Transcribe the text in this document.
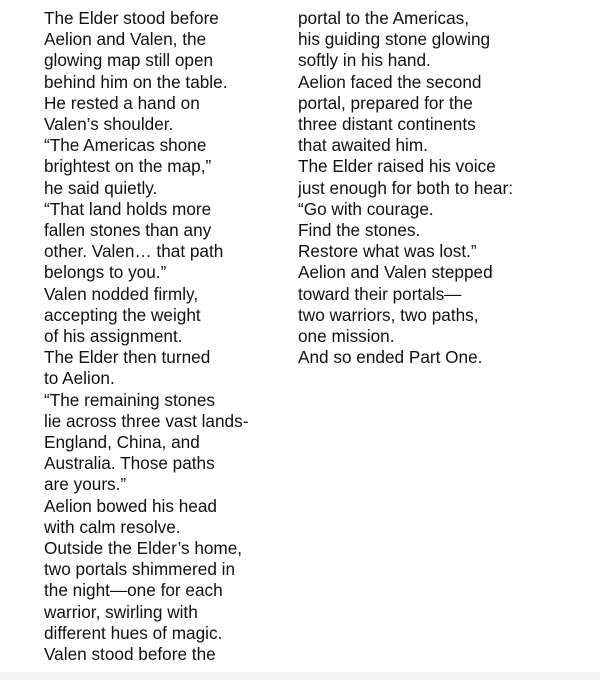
The Elder stood before
Aelion and Valen, the
glowing map still open
behind him on the table.
He rested a hand on
Valen’s shoulder.
“The Americas shone
brightest on the map,”
he said quietly.
“That land holds more
fallen stones than any
other. Valen… that path
belongs to you.”
Valen nodded firmly,
accepting the weight
of his assignment.
The Elder then turned
to Aelion.
“The remaining stones
lie across three vast lands-
England, China, and
Australia. Those paths
are yours.”
Aelion bowed his head
with calm resolve.
Outside the Elder’s home,
two portals shimmered in
the night—one for each
warrior, swirling with
different hues of magic.
Valen stood before the
portal to the Americas,
his guiding stone glowing
softly in his hand.
Aelion faced the second
portal, prepared for the
three distant continents
that awaited him.
The Elder raised his voice
just enough for both to hear:
“Go with courage.
Find the stones.
Restore what was lost.”
Aelion and Valen stepped
toward their portals—
two warriors, two paths,
one mission.
And so ended Part One.
